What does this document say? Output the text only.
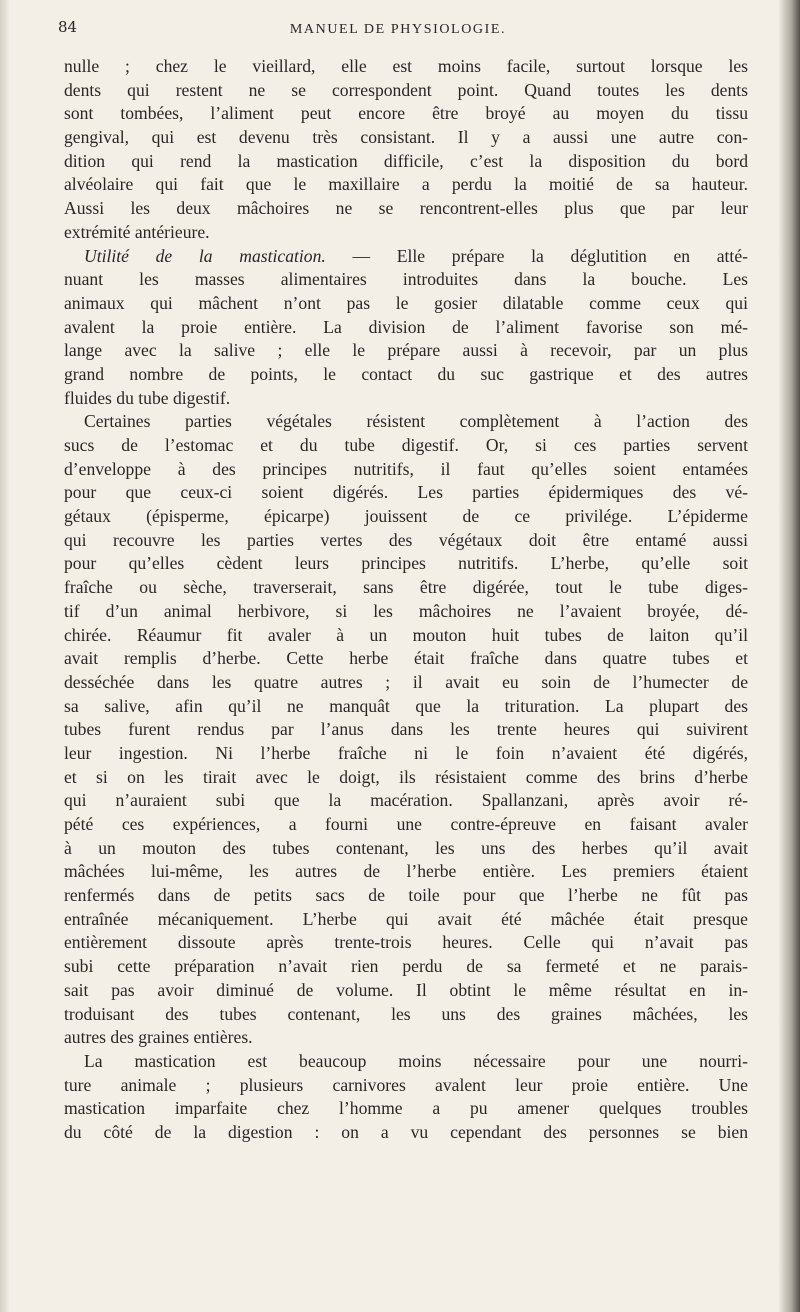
84	MANUEL DE PHYSIOLOGIE.
nulle ; chez le vieillard, elle est moins facile, surtout lorsque les
dents qui restent ne se correspondent point. Quand toutes les dents
sont tombées, l’aliment peut encore être broyé au moyen du tissu
gengival, qui est devenu très consistant. Il y a aussi une autre con-
dition qui rend la mastication difficile, c’est la disposition du bord
alvéolaire qui fait que le maxillaire a perdu la moitié de sa hauteur.
Aussi les deux mâchoires ne se rencontrent-elles plus que par leur
extrémité antérieure.
Utilité de la mastication. — Elle prépare la déglutition en atté-
nuant les masses alimentaires introduites dans la bouche. Les
animaux qui mâchent n’ont pas le gosier dilatable comme ceux qui
avalent la proie entière. La division de l’aliment favorise son mé-
lange avec la salive ; elle le prépare aussi à recevoir, par un plus
grand nombre de points, le contact du suc gastrique et des autres
fluides du tube digestif.
Certaines parties végétales résistent complètement à l’action des
sucs de l’estomac et du tube digestif. Or, si ces parties servent
d’enveloppe à des principes nutritifs, il faut qu’elles soient entamées
pour que ceux-ci soient digérés. Les parties épidermiques des vé-
gétaux (épisperme, épicarpe) jouissent de ce privilége. L’épiderme
qui recouvre les parties vertes des végétaux doit être entamé aussi
pour qu’elles cèdent leurs principes nutritifs. L’herbe, qu’elle soit
fraîche ou sèche, traverserait, sans être digérée, tout le tube diges-
tif d’un animal herbivore, si les mâchoires ne l’avaient broyée, dé-
chirée. Réaumur fit avaler à un mouton huit tubes de laiton qu’il
avait remplis d’herbe. Cette herbe était fraîche dans quatre tubes et
desséchée dans les quatre autres ; il avait eu soin de l’humecter de
sa salive, afin qu’il ne manquât que la trituration. La plupart des
tubes furent rendus par l’anus dans les trente heures qui suivirent
leur ingestion. Ni l’herbe fraîche ni le foin n’avaient été digérés,
et si on les tirait avec le doigt, ils résistaient comme des brins d’herbe
qui n’auraient subi que la macération. Spallanzani, après avoir ré-
pété ces expériences, a fourni une contre-épreuve en faisant avaler
à un mouton des tubes contenant, les uns des herbes qu’il avait
mâchées lui-même, les autres de l’herbe entière. Les premiers étaient
renfermés dans de petits sacs de toile pour que l’herbe ne fût pas
entraînée mécaniquement. L’herbe qui avait été mâchée était presque
entièrement dissoute après trente-trois heures. Celle qui n’avait pas
subi cette préparation n’avait rien perdu de sa fermeté et ne parais-
sait pas avoir diminué de volume. Il obtint le même résultat en in-
troduisant des tubes contenant, les uns des graines mâchées, les
autres des graines entières.
La mastication est beaucoup moins nécessaire pour une nourri-
ture animale ; plusieurs carnivores avalent leur proie entière. Une
mastication imparfaite chez l’homme a pu amener quelques troubles
du côté de la digestion : on a vu cependant des personnes se bien
